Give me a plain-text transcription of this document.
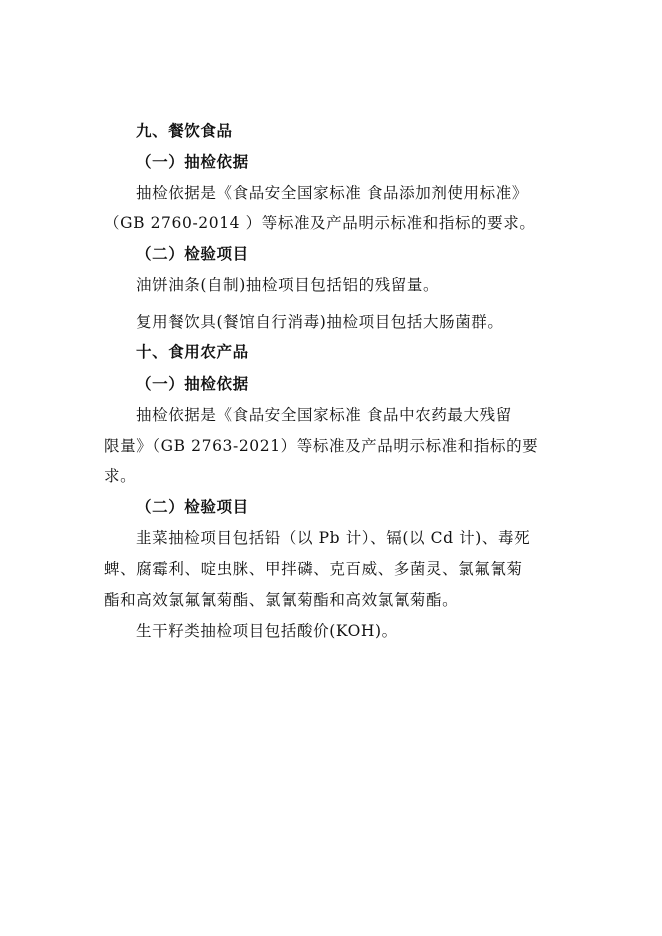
九、餐饮食品
（一）抽检依据
抽检依据是《食品安全国家标准 食品添加剂使用标准》
（GB 2760-2014 ）等标准及产品明示标准和指标的要求。
（二）检验项目
油饼油条(自制)抽检项目包括铝的残留量。
复用餐饮具(餐馆自行消毒)抽检项目包括大肠菌群。
十、食用农产品
（一）抽检依据
抽检依据是《食品安全国家标准 食品中农药最大残留
限量》（GB 2763-2021）等标准及产品明示标准和指标的要
求。
（二）检验项目
韭菜抽检项目包括铅（以 Pb 计）、镉(以 Cd 计)、毒死
蜱、腐霉利、啶虫脒、甲拌磷、克百威、多菌灵、氯氟氰菊
酯和高效氯氟氰菊酯、氯氰菊酯和高效氯氰菊酯。
生干籽类抽检项目包括酸价(KOH)。
